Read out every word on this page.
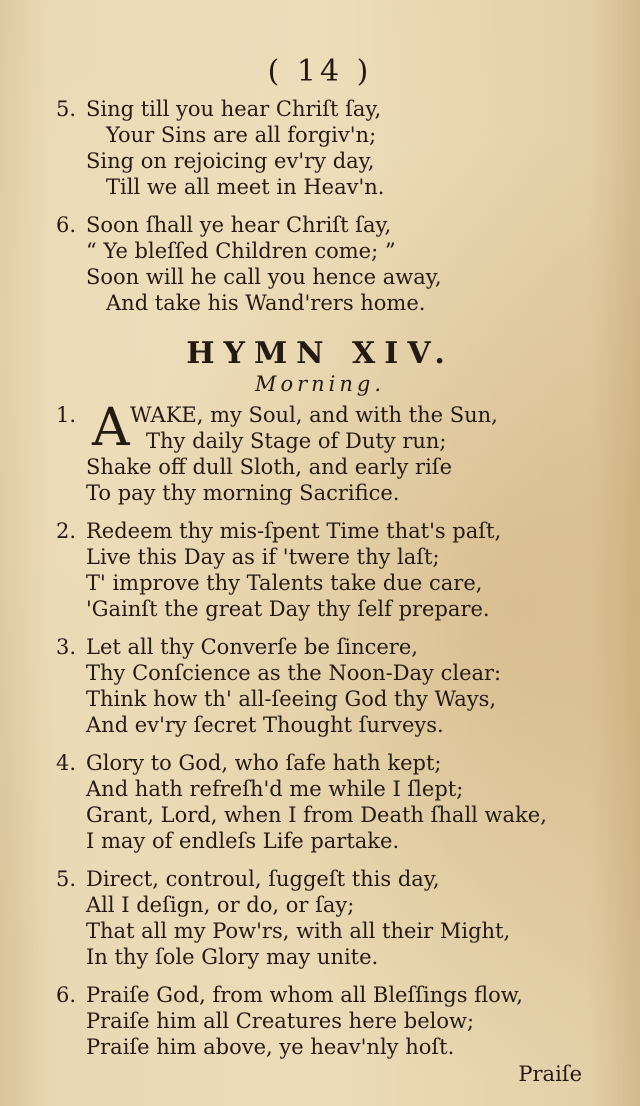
( 14 )
5. Sing till you hear Chriſt ſay,
Your Sins are all forgiv'n;
Sing on rejoicing ev'ry day,
Till we all meet in Heav'n.
6. Soon ſhall ye hear Chriſt ſay,
“ Ye bleſſed Children come; ”
Soon will he call you hence away,
And take his Wand'rers home.
HYMN XIV.
Morning.
1. A WAKE, my Soul, and with the Sun,
Thy daily Stage of Duty run;
Shake off dull Sloth, and early riſe
To pay thy morning Sacrifice.
2. Redeem thy mis-ſpent Time that's paſt,
Live this Day as if 'twere thy laſt;
T' improve thy Talents take due care,
'Gainſt the great Day thy ſelf prepare.
3. Let all thy Converſe be ſincere,
Thy Conſcience as the Noon-Day clear:
Think how th' all-ſeeing God thy Ways,
And ev'ry ſecret Thought ſurveys.
4. Glory to God, who ſafe hath kept;
And hath refreſh'd me while I ſlept;
Grant, Lord, when I from Death ſhall wake,
I may of endleſs Life partake.
5. Direct, controul, ſuggeſt this day,
All I deſign, or do, or ſay;
That all my Pow'rs, with all their Might,
In thy ſole Glory may unite.
6. Praiſe God, from whom all Bleſſings flow,
Praiſe him all Creatures here below;
Praiſe him above, ye heav'nly hoſt.
Praiſe
